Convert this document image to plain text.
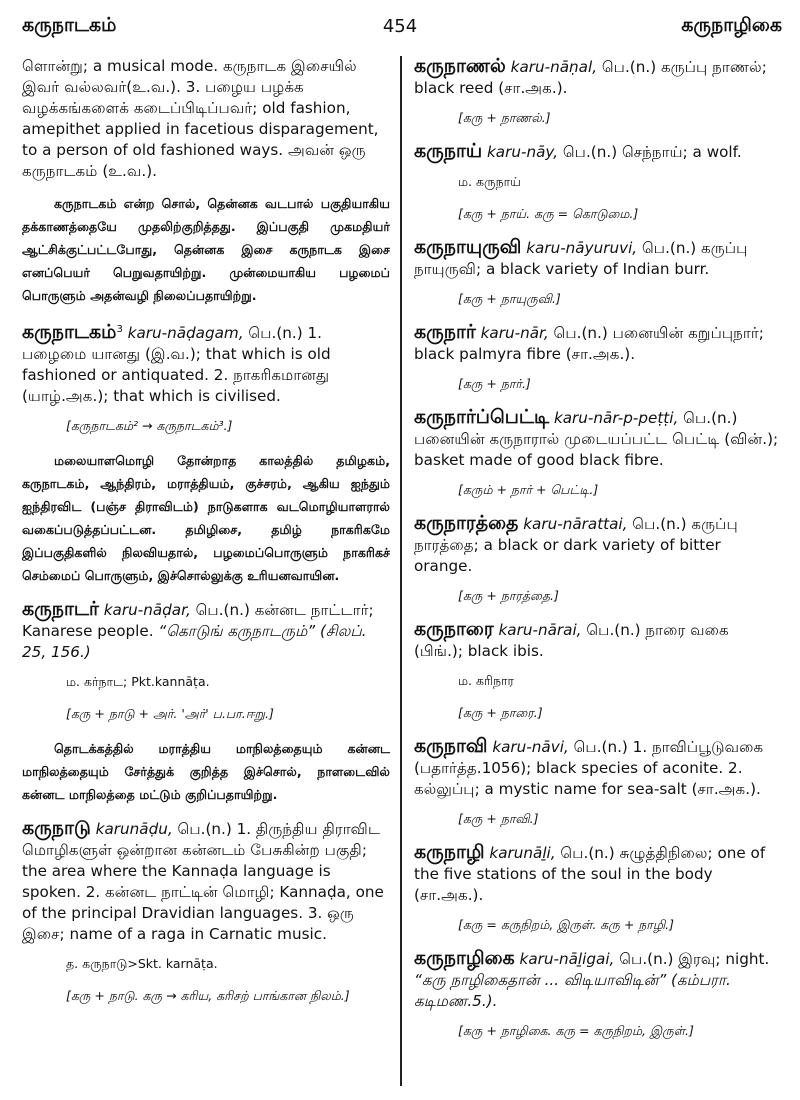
கருநாடகம்	454	கருநாழிகை

ளொன்று; a musical mode. கருநாடக இசையில் இவர் வல்லவர்(உ.வ.). 3. பழைய பழக்க வழக்கங்களைக் கடைப்பிடிப்பவர்; old fashion, amepithet applied in facetious disparagement, to a person of old fashioned ways. அவன் ஒரு கருநாடகம் (உ.வ.).

கருநாடகம் என்ற சொல், தென்னக வடபால் பகுதியாகிய தக்காணத்தையே முதலிற்குறித்தது. இப்பகுதி முகமதியர் ஆட்சிக்குட்பட்டபோது, தென்னக இசை கருநாடக இசை எனப்பெயர் பெறுவதாயிற்று. முன்மையாகிய பழமைப் பொருளும் அதன்வழி நிலைப்பதாயிற்று.

கருநாடகம்$^3$ karu-nāḍagam, பெ.(n.) 1. பழைமை யானது (இ.வ.); that which is old fashioned or antiquated. 2. நாகரிகமானது (யாழ்.அக.); that which is civilised.

[கருநாடகம்² → கருநாடகம்³.]

மலையாளமொழி தோன்றாத காலத்தில் தமிழகம், கருநாடகம், ஆந்திரம், மராத்தியம், குச்சரம், ஆகிய ஐந்தும் ஐந்திரவிட (பஞ்ச திராவிடம்) நாடுகளாக வடமொழியாளரால் வகைப்படுத்தப்பட்டன. தமிழிசை, தமிழ் நாகரிகமே இப்பகுதிகளில் நிலவியதால், பழமைப்பொருளும் நாகரிகச் செம்மைப் பொருளும், இச்சொல்லுக்கு உரியனவாயின.

கருநாடர் karu-nāḍar, பெ.(n.) கன்னட நாட்டார்; Kanarese people. “கொடுங் கருநாடரும்” (சிலப். 25, 156.)

ம. கர்நாட; Pkt.kannāṭa.

[கரு + நாடு + அர். 'அர்' ப.பா.ஈறு.]

தொடக்கத்தில் மராத்திய மாநிலத்தையும் கன்னட மாநிலத்தையும் சேர்த்துக் குறித்த இச்சொல், நாளடைவில் கன்னட மாநிலத்தை மட்டும் குறிப்பதாயிற்று.

கருநாடு karunāḍu, பெ.(n.) 1. திருந்திய திராவிட மொழிகளுள் ஒன்றான கன்னடம் பேசுகின்ற பகுதி; the area where the Kannaḍa language is spoken. 2. கன்னட நாட்டின் மொழி; Kannaḍa, one of the principal Dravidian languages. 3. ஒரு இசை; name of a raga in Carnatic music.

த. கருநாடு>Skt. karnāṭa.

[கரு + நாடு. கரு → கரிய, கரிசற் பாங்கான நிலம்.]

கருநாணல் karu-nāṇal, பெ.(n.) கருப்பு நாணல்; black reed (சா.அக.).

[கரு + நாணல்.]

கருநாய் karu-nāy, பெ.(n.) செந்நாய்; a wolf.

ம. கருநாய்

[கரு + நாய். கரு = கொடுமை.]

கருநாயுருவி karu-nāyuruvi, பெ.(n.) கருப்பு நாயுருவி; a black variety of Indian burr.

[கரு + நாயுருவி.]

கருநார் karu-nār, பெ.(n.) பனையின் கறுப்புநார்; black palmyra fibre (சா.அக.).

[கரு + நார்.]

கருநார்ப்பெட்டி karu-nār-p-peṭṭi, பெ.(n.) பனையின் கருநாரால் முடையப்பட்ட பெட்டி (வின்.); basket made of good black fibre.

[கரும் + நார் + பெட்டி.]

கருநாரத்தை karu-nārattai, பெ.(n.) கருப்பு நாரத்தை; a black or dark variety of bitter orange.

[கரு + நாரத்தை.]

கருநாரை karu-nārai, பெ.(n.) நாரை வகை (பிங்.); black ibis.

ம. கரிநார

[கரு + நாரை.]

கருநாவி karu-nāvi, பெ.(n.) 1. நாவிப்பூடுவகை (பதார்த்த.1056); black species of aconite. 2. கல்லுப்பு; a mystic name for sea-salt (சா.அக.).

[கரு + நாவி.]

கருநாழி karunāḻi, பெ.(n.) சுழுத்திநிலை; one of the five stations of the soul in the body (சா.அக.).

[கரு = கருநிறம், இருள். கரு + நாழி.]

கருநாழிகை karu-nāḻigai, பெ.(n.) இரவு; night. “கரு நாழிகைதான் ... விடியாவிடின்” (கம்பரா. கடிமண.5.).

[கரு + நாழிகை. கரு = கருநிறம், இருள்.]
